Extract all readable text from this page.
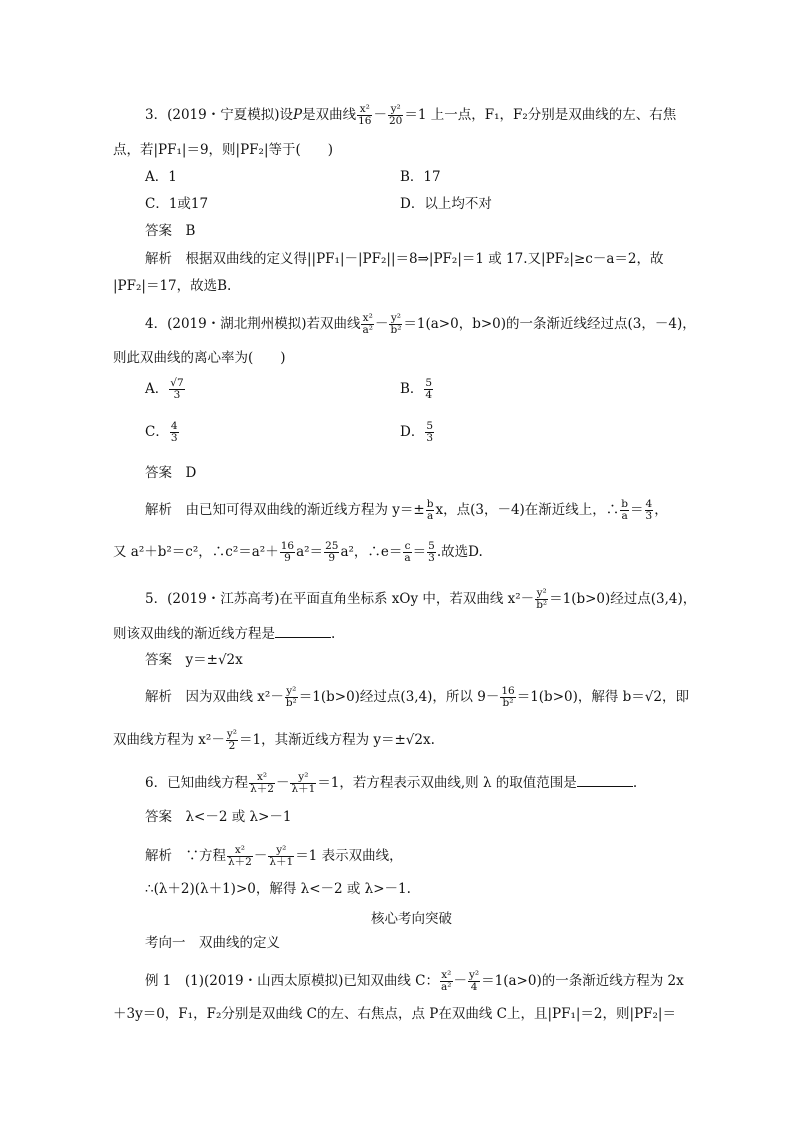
3．(2019・宁夏模拟)设P是双曲线 $\frac{\text{x²}}{16} - \frac{\text{y²}}{20} =1$ 上一点，F₁，F₂分别是双曲线的左、右焦
点，若|PF₁|＝9，则|PF₂|等于(　　)
A．1	B．17
C．1或17	D．以上均不对
答案　B
解析　根据双曲线的定义得||PF₁|－|PF₂||＝8⇒|PF₂|＝1 或 17.又|PF₂|≥c－a＝2，故
|PF₂|＝17，故选B.
4．(2019・湖北荆州模拟)若双曲线 $\frac{\text{x²}}{\text{a²}} - \frac{\text{y²}}{\text{b²}} =1(a>0$，b>0)的一条渐近线经过点(3，－4)，
则此双曲线的离心率为(　　)
A． $\frac{√7}{3}$	B． $\frac{5}{4}$
C． $\frac{4}{3}$	D． $\frac{5}{3}$
答案　D
解析　由已知可得双曲线的渐近线方程为 $y=\pm \frac{b}{a}$ x，点(3，－4)在渐近线上，∴ $\frac{b}{a} = \frac{4}{3}$ ，
又 a²＋b²＝c²，∴c²＝a²＋ $\frac{16}{9} a^2= \frac{25}{9} a^2$，∴e＝ $\frac{c}{a} = \frac{5}{3}$ .故选D.
5．(2019・江苏高考)在平面直角坐标系 xOy 中，若双曲线 $x^2- \frac{\text{y²}}{\text{b²}} =1(b>0)$经过点(3,4)，
则该双曲线的渐近线方程是	.
答案　y＝±√2x
解析　因为双曲线 $x^2- \frac{\text{y²}}{\text{b²}} =1(b>0)$经过点(3,4)，所以 $9- \frac{16}{\text{b²}} =1(b>0)$，解得 b＝√2，即
双曲线方程为 $x^2- \frac{\text{y²}}{2} =1$，其渐近线方程为 y＝±√2x.
6．已知曲线方程 $\frac{\text{x²}}{\lambda+2} - \frac{\text{y²}}{\lambda+1} =1$，若方程表示双曲线,则 λ 的取值范围是	.
答案　λ<－2 或 λ>－1
解析　∵方程 $\frac{\text{x²}}{\lambda+2} - \frac{\text{y²}}{\lambda+1} =1$ 表示双曲线，
∴(λ＋2)(λ＋1)>0，解得 λ<－2 或 λ>－1.
核心考向突破
考向一　双曲线的定义
例 1　(1)(2019・山西太原模拟)已知双曲线 C： $\frac{\text{x²}}{\text{a²}} - \frac{\text{y²}}{4} =1(a>0)$的一条渐近线方程为 2x
＋3y＝0，F₁，F₂分别是双曲线 C的左、右焦点，点 P在双曲线 C上，且|PF₁|＝2，则|PF₂|＝
